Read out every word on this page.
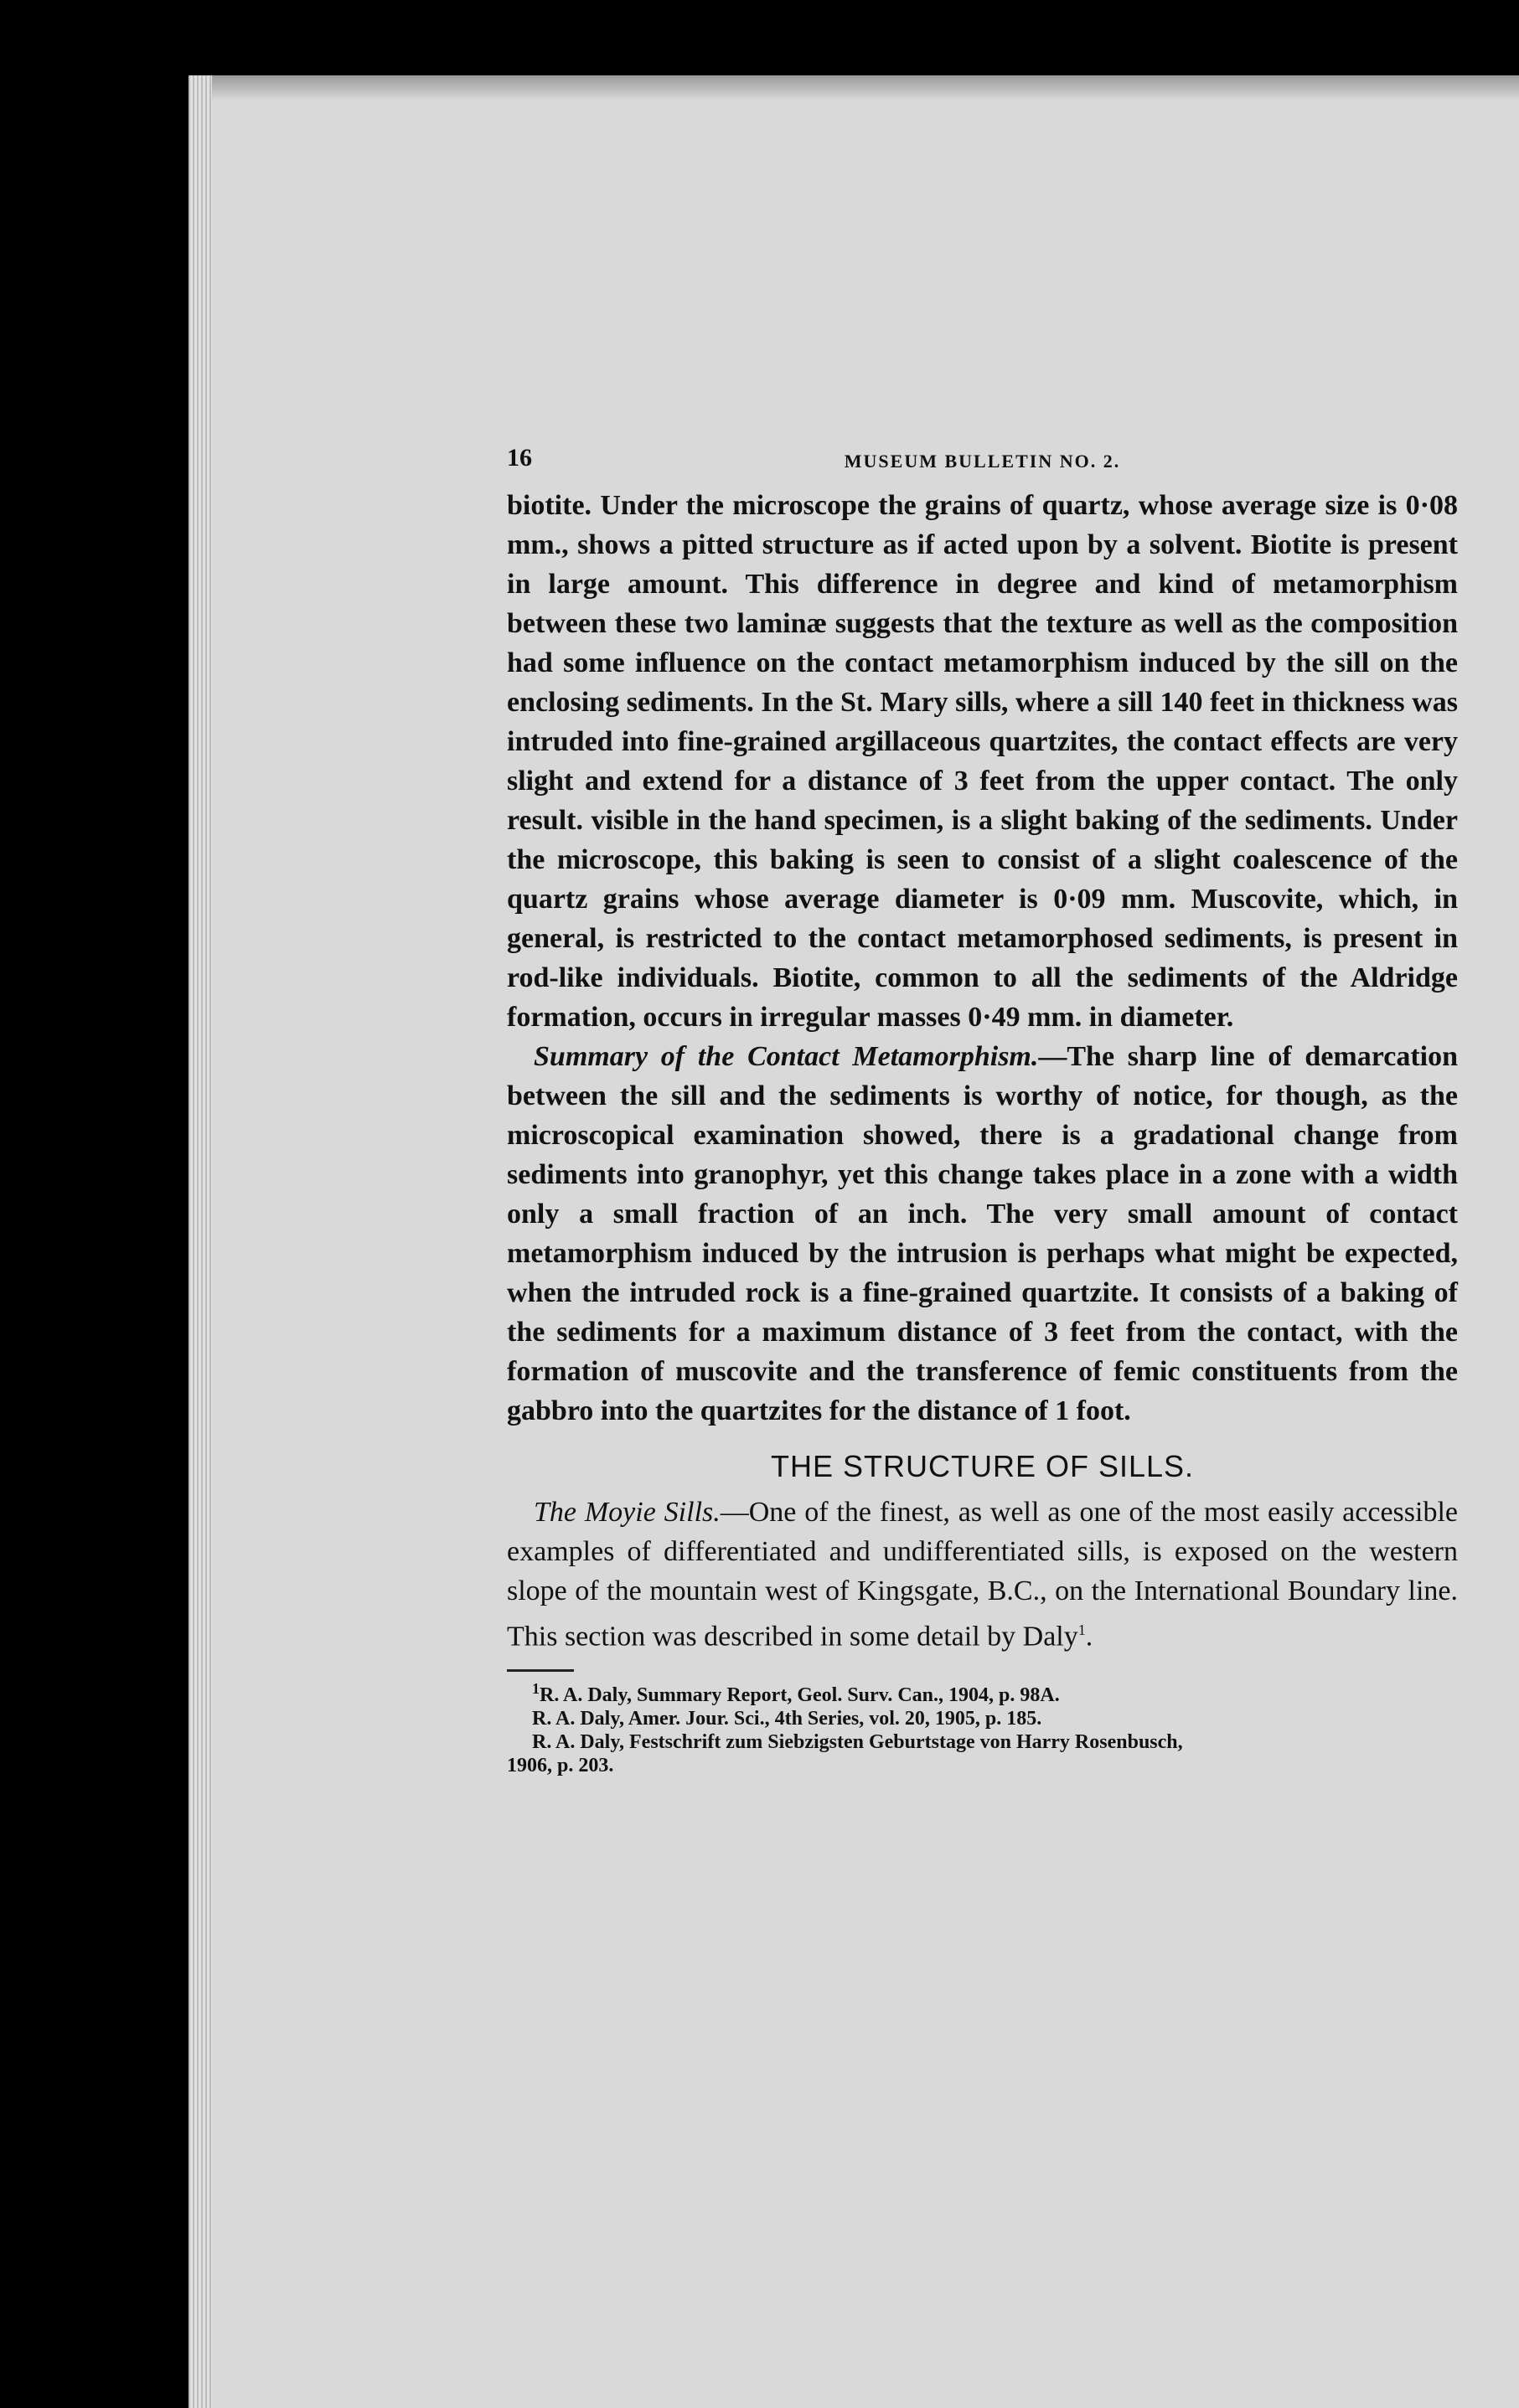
16	MUSEUM BULLETIN NO. 2.

biotite. Under the microscope the grains of quartz, whose average size is 0·08 mm., shows a pitted structure as if acted upon by a solvent. Biotite is present in large amount. This difference in degree and kind of metamorphism between these two laminæ suggests that the texture as well as the composition had some influence on the contact metamorphism induced by the sill on the enclosing sediments. In the St. Mary sills, where a sill 140 feet in thickness was intruded into fine-grained argillaceous quartzites, the contact effects are very slight and extend for a distance of 3 feet from the upper contact. The only result. visible in the hand specimen, is a slight baking of the sediments. Under the microscope, this baking is seen to consist of a slight coalescence of the quartz grains whose average diameter is 0·09 mm. Muscovite, which, in general, is restricted to the contact metamorphosed sediments, is present in rod-like individuals. Biotite, common to all the sediments of the Aldridge formation, occurs in irregular masses 0·49 mm. in diameter.

Summary of the Contact Metamorphism.—The sharp line of demarcation between the sill and the sediments is worthy of notice, for though, as the microscopical examination showed, there is a gradational change from sediments into granophyr, yet this change takes place in a zone with a width only a small fraction of an inch. The very small amount of contact metamorphism induced by the intrusion is perhaps what might be expected, when the intruded rock is a fine-grained quartzite. It consists of a baking of the sediments for a maximum distance of 3 feet from the contact, with the formation of muscovite and the transference of femic constituents from the gabbro into the quartzites for the distance of 1 foot.

THE STRUCTURE OF SILLS.

The Moyie Sills.—One of the finest, as well as one of the most easily accessible examples of differentiated and undifferentiated sills, is exposed on the western slope of the mountain west of Kingsgate, B.C., on the International Boundary line. This section was described in some detail by Daly$^1$.

$^1$R. A. Daly, Summary Report, Geol. Surv. Can., 1904, p. 98A.

R. A. Daly, Amer. Jour. Sci., 4th Series, vol. 20, 1905, p. 185.

R. A. Daly, Festschrift zum Siebzigsten Geburtstage von Harry Rosenbusch,

1906, p. 203.
